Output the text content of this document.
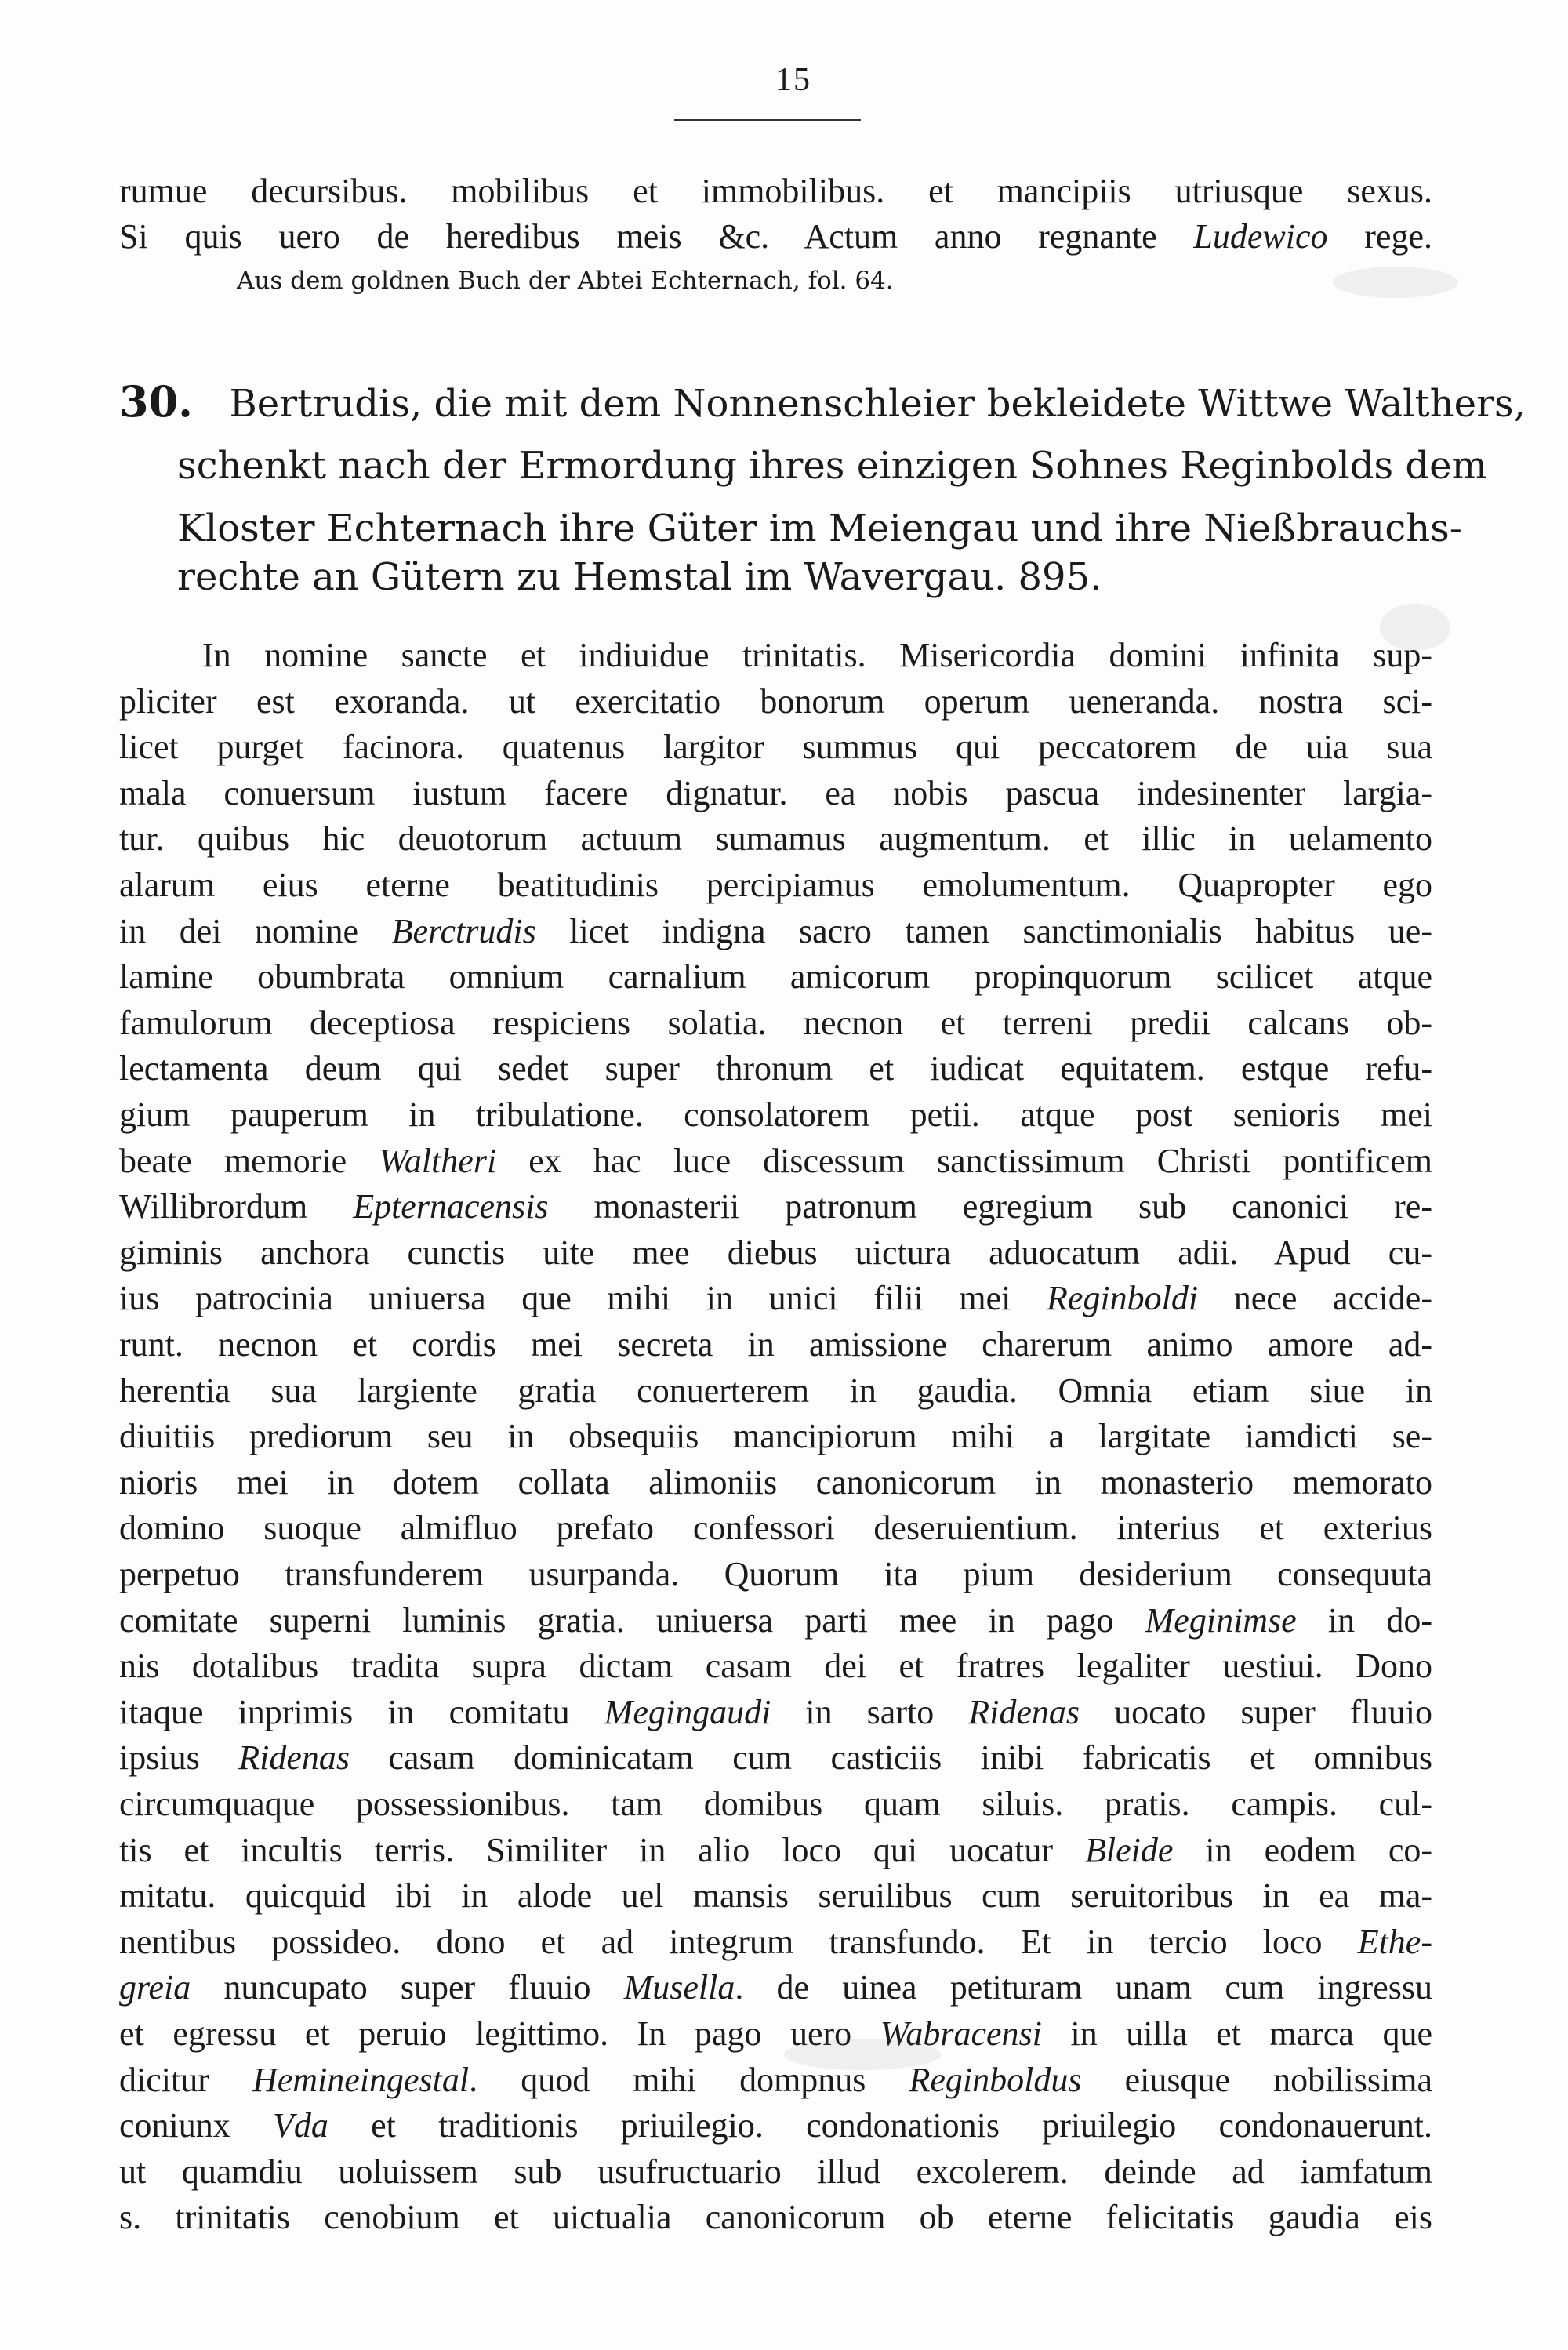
15
rumue decursibus. mobilibus et immobilibus. et mancipiis utriusque sexus.
Si quis uero de heredibus meis &c. Actum anno regnante Ludewico rege.
Aus dem goldnen Buch der Abtei Echternach, fol. 64.
30. Bertrudis, die mit dem Nonnenschleier bekleidete Wittwe Walthers,
schenkt nach der Ermordung ihres einzigen Sohnes Reginbolds dem
Kloster Echternach ihre Güter im Meiengau und ihre Nießbrauchs-
rechte an Gütern zu Hemstal im Wavergau. 895.
In nomine sancte et indiuidue trinitatis. Misericordia domini infinita sup-
pliciter est exoranda. ut exercitatio bonorum operum ueneranda. nostra sci-
licet purget facinora. quatenus largitor summus qui peccatorem de uia sua
mala conuersum iustum facere dignatur. ea nobis pascua indesinenter largia-
tur. quibus hic deuotorum actuum sumamus augmentum. et illic in uelamento
alarum eius eterne beatitudinis percipiamus emolumentum. Quapropter ego
in dei nomine Berctrudis licet indigna sacro tamen sanctimonialis habitus ue-
lamine obumbrata omnium carnalium amicorum propinquorum scilicet atque
famulorum deceptiosa respiciens solatia. necnon et terreni predii calcans ob-
lectamenta deum qui sedet super thronum et iudicat equitatem. estque refu-
gium pauperum in tribulatione. consolatorem petii. atque post senioris mei
beate memorie Waltheri ex hac luce discessum sanctissimum Christi pontificem
Willibrordum Epternacensis monasterii patronum egregium sub canonici re-
giminis anchora cunctis uite mee diebus uictura aduocatum adii. Apud cu-
ius patrocinia uniuersa que mihi in unici filii mei Reginboldi nece accide-
runt. necnon et cordis mei secreta in amissione charerum animo amore ad-
herentia sua largiente gratia conuerterem in gaudia. Omnia etiam siue in
diuitiis prediorum seu in obsequiis mancipiorum mihi a largitate iamdicti se-
nioris mei in dotem collata alimoniis canonicorum in monasterio memorato
domino suoque almifluo prefato confessori deseruientium. interius et exterius
perpetuo transfunderem usurpanda. Quorum ita pium desiderium consequuta
comitate superni luminis gratia. uniuersa parti mee in pago Meginimse in do-
nis dotalibus tradita supra dictam casam dei et fratres legaliter uestiui. Dono
itaque inprimis in comitatu Megingaudi in sarto Ridenas uocato super fluuio
ipsius Ridenas casam dominicatam cum casticiis inibi fabricatis et omnibus
circumquaque possessionibus. tam domibus quam siluis. pratis. campis. cul-
tis et incultis terris. Similiter in alio loco qui uocatur Bleide in eodem co-
mitatu. quicquid ibi in alode uel mansis seruilibus cum seruitoribus in ea ma-
nentibus possideo. dono et ad integrum transfundo. Et in tercio loco Ethe-
greia nuncupato super fluuio Musella. de uinea petituram unam cum ingressu
et egressu et peruio legittimo. In pago uero Wabracensi in uilla et marca que
dicitur Hemineingestal. quod mihi dompnus Reginboldus eiusque nobilissima
coniunx Vda et traditionis priuilegio. condonationis priuilegio condonauerunt.
ut quamdiu uoluissem sub usufructuario illud excolerem. deinde ad iamfatum
s. trinitatis cenobium et uictualia canonicorum ob eterne felicitatis gaudia eis
